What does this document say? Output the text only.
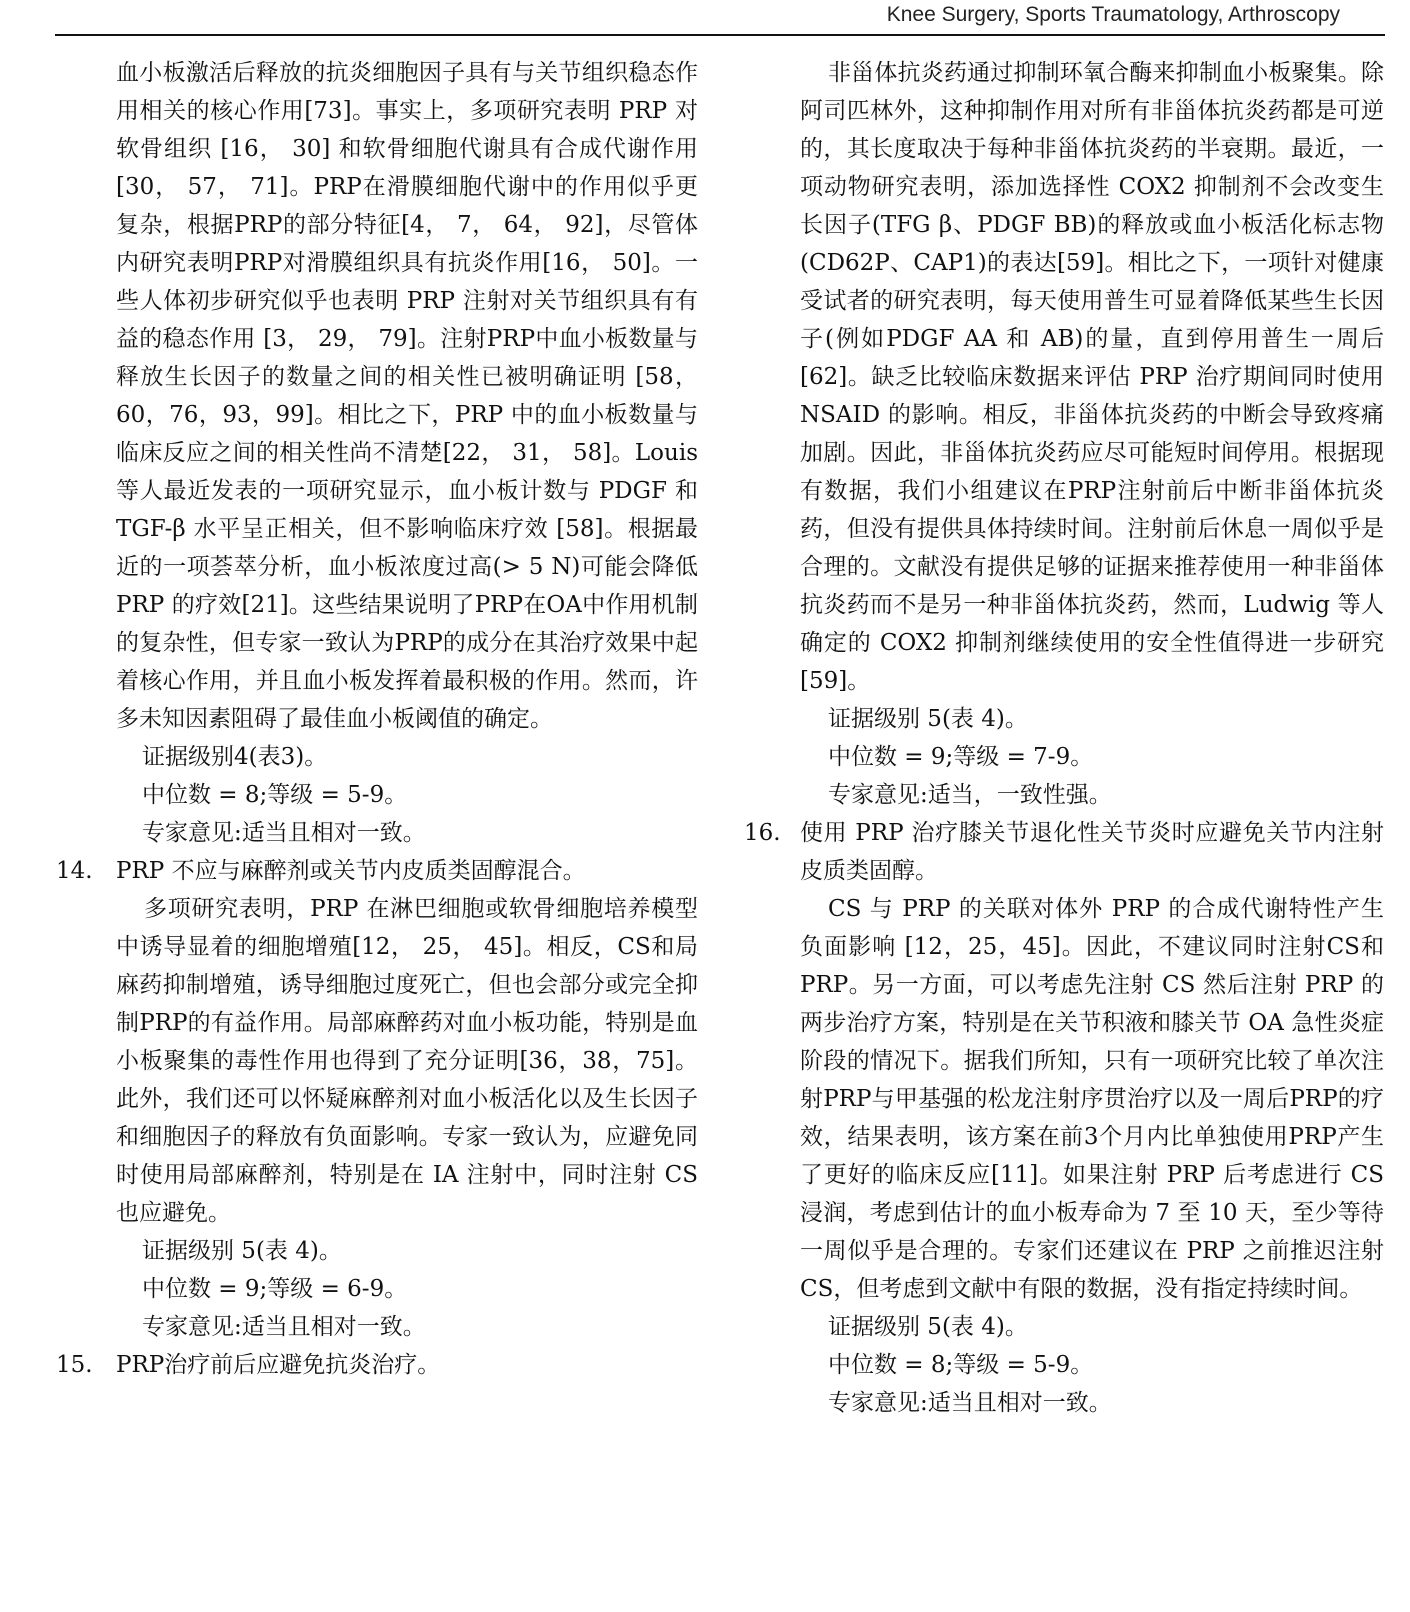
Knee Surgery, Sports Traumatology, Arthroscopy

血小板激活后释放的抗炎细胞因子具有与关节组织稳态作用相关的核心作用[73]。事实上，多项研究表明 PRP 对软骨组织 [16， 30] 和软骨细胞代谢具有合成代谢作用 [30， 57， 71]。PRP在滑膜细胞代谢中的作用似乎更复杂，根据PRP的部分特征[4， 7， 64， 92]，尽管体内研究表明PRP对滑膜组织具有抗炎作用[16， 50]。一些人体初步研究似乎也表明 PRP 注射对关节组织具有有益的稳态作用 [3， 29， 79]。注射PRP中血小板数量与释放生长因子的数量之间的相关性已被明确证明 [58，60，76，93，99]。相比之下，PRP 中的血小板数量与临床反应之间的相关性尚不清楚[22， 31， 58]。Louis 等人最近发表的一项研究显示，血小板计数与 PDGF 和 TGF-β 水平呈正相关，但不影响临床疗效 [58]。根据最近的一项荟萃分析，血小板浓度过高(> 5 N)可能会降低 PRP 的疗效[21]。这些结果说明了PRP在OA中作用机制的复杂性，但专家一致认为PRP的成分在其治疗效果中起着核心作用，并且血小板发挥着最积极的作用。然而，许多未知因素阻碍了最佳血小板阈值的确定。

证据级别4(表3)。

中位数 = 8;等级 = 5-9。

专家意见:适当且相对一致。

14.	PRP 不应与麻醉剂或关节内皮质类固醇混合。

多项研究表明，PRP 在淋巴细胞或软骨细胞培养模型中诱导显着的细胞增殖[12， 25， 45]。相反，CS和局麻药抑制增殖，诱导细胞过度死亡，但也会部分或完全抑制PRP的有益作用。局部麻醉药对血小板功能，特别是血小板聚集的毒性作用也得到了充分证明[36，38，75]。此外，我们还可以怀疑麻醉剂对血小板活化以及生长因子和细胞因子的释放有负面影响。专家一致认为，应避免同时使用局部麻醉剂，特别是在 IA 注射中，同时注射 CS 也应避免。

证据级别 5(表 4)。

中位数 = 9;等级 = 6-9。

专家意见:适当且相对一致。

15.	PRP治疗前后应避免抗炎治疗。

非甾体抗炎药通过抑制环氧合酶来抑制血小板聚集。除阿司匹林外，这种抑制作用对所有非甾体抗炎药都是可逆的，其长度取决于每种非甾体抗炎药的半衰期。最近，一项动物研究表明，添加选择性 COX2 抑制剂不会改变生长因子(TFG β、PDGF BB)的释放或血小板活化标志物(CD62P、CAP1)的表达[59]。相比之下，一项针对健康受试者的研究表明，每天使用普生可显着降低某些生长因子(例如PDGF AA 和 AB)的量，直到停用普生一周后[62]。缺乏比较临床数据来评估 PRP 治疗期间同时使用 NSAID 的影响。相反，非甾体抗炎药的中断会导致疼痛加剧。因此，非甾体抗炎药应尽可能短时间停用。根据现有数据，我们小组建议在PRP注射前后中断非甾体抗炎药，但没有提供具体持续时间。注射前后休息一周似乎是合理的。文献没有提供足够的证据来推荐使用一种非甾体抗炎药而不是另一种非甾体抗炎药，然而，Ludwig 等人确定的 COX2 抑制剂继续使用的安全性值得进一步研究[59]。

证据级别 5(表 4)。

中位数 = 9;等级 = 7-9。

专家意见:适当，一致性强。

16. 使用 PRP 治疗膝关节退化性关节炎时应避免关节内注射皮质类固醇。

CS 与 PRP 的关联对体外 PRP 的合成代谢特性产生负面影响 [12，25，45]。因此，不建议同时注射CS和PRP。另一方面，可以考虑先注射 CS 然后注射 PRP 的两步治疗方案，特别是在关节积液和膝关节 OA 急性炎症阶段的情况下。据我们所知，只有一项研究比较了单次注射PRP与甲基强的松龙注射序贯治疗以及一周后PRP的疗效，结果表明，该方案在前3个月内比单独使用PRP产生了更好的临床反应[11]。如果注射 PRP 后考虑进行 CS 浸润，考虑到估计的血小板寿命为 7 至 10 天，至少等待一周似乎是合理的。专家们还建议在 PRP 之前推迟注射 CS，但考虑到文献中有限的数据，没有指定持续时间。

证据级别 5(表 4)。

中位数 = 8;等级 = 5-9。

专家意见:适当且相对一致。
